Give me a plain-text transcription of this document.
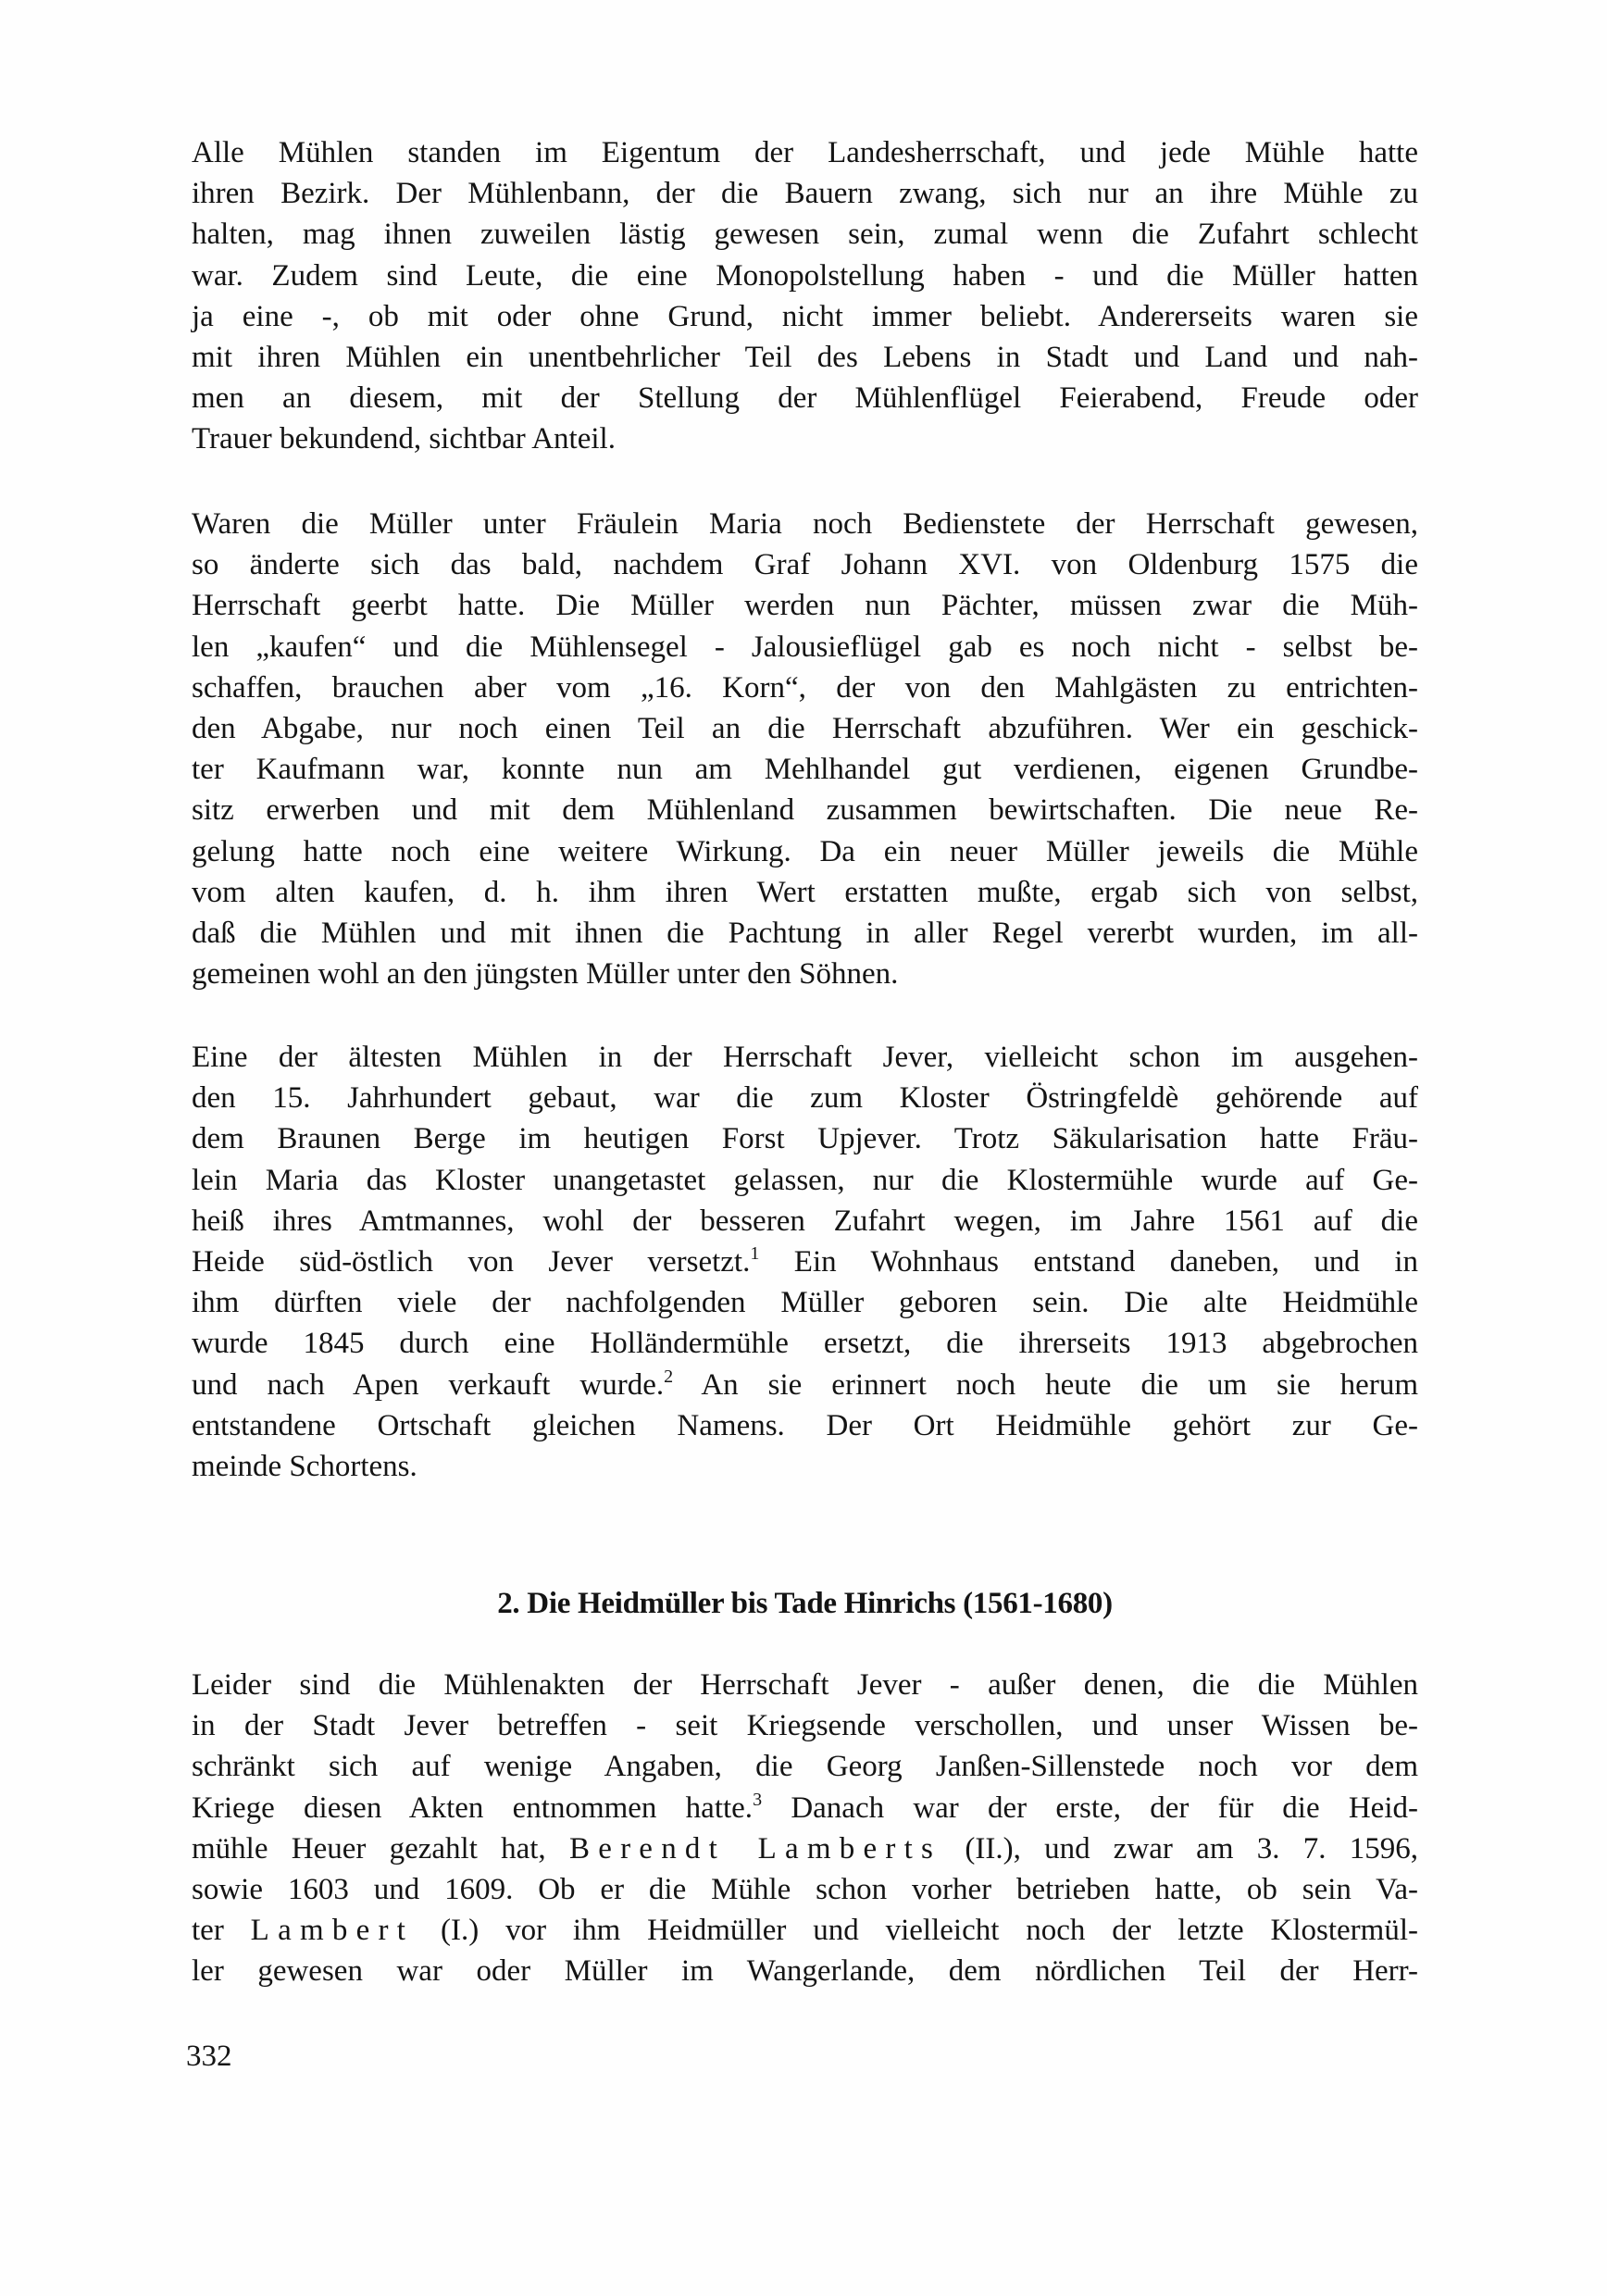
Alle Mühlen standen im Eigentum der Landesherrschaft, und jede Mühle hatte
ihren Bezirk. Der Mühlenbann, der die Bauern zwang, sich nur an ihre Mühle zu
halten, mag ihnen zuweilen lästig gewesen sein, zumal wenn die Zufahrt schlecht
war. Zudem sind Leute, die eine Monopolstellung haben - und die Müller hatten
ja eine -, ob mit oder ohne Grund, nicht immer beliebt. Andererseits waren sie
mit ihren Mühlen ein unentbehrlicher Teil des Lebens in Stadt und Land und nah-
men an diesem, mit der Stellung der Mühlenflügel Feierabend, Freude oder
Trauer bekundend, sichtbar Anteil.
Waren die Müller unter Fräulein Maria noch Bedienstete der Herrschaft gewesen,
so änderte sich das bald, nachdem Graf Johann XVI. von Oldenburg 1575 die
Herrschaft geerbt hatte. Die Müller werden nun Pächter, müssen zwar die Müh-
len „kaufen“ und die Mühlensegel - Jalousieflügel gab es noch nicht - selbst be-
schaffen, brauchen aber vom „16. Korn“, der von den Mahlgästen zu entrichten-
den Abgabe, nur noch einen Teil an die Herrschaft abzuführen. Wer ein geschick-
ter Kaufmann war, konnte nun am Mehlhandel gut verdienen, eigenen Grundbe-
sitz erwerben und mit dem Mühlenland zusammen bewirtschaften. Die neue Re-
gelung hatte noch eine weitere Wirkung. Da ein neuer Müller jeweils die Mühle
vom alten kaufen, d. h. ihm ihren Wert erstatten mußte, ergab sich von selbst,
daß die Mühlen und mit ihnen die Pachtung in aller Regel vererbt wurden, im all-
gemeinen wohl an den jüngsten Müller unter den Söhnen.
Eine der ältesten Mühlen in der Herrschaft Jever, vielleicht schon im ausgehen-
den 15. Jahrhundert gebaut, war die zum Kloster Östringfeldè gehörende auf
dem Braunen Berge im heutigen Forst Upjever. Trotz Säkularisation hatte Fräu-
lein Maria das Kloster unangetastet gelassen, nur die Klostermühle wurde auf Ge-
heiß ihres Amtmannes, wohl der besseren Zufahrt wegen, im Jahre 1561 auf die
Heide süd-östlich von Jever versetzt.$^1$ Ein Wohnhaus entstand daneben, und in
ihm dürften viele der nachfolgenden Müller geboren sein. Die alte Heidmühle
wurde 1845 durch eine Holländermühle ersetzt, die ihrerseits 1913 abgebrochen
und nach Apen verkauft wurde.$^2$ An sie erinnert noch heute die um sie herum
entstandene Ortschaft gleichen Namens. Der Ort Heidmühle gehört zur Ge-
meinde Schortens.
2. Die Heidmüller bis Tade Hinrichs (1561-1680)
Leider sind die Mühlenakten der Herrschaft Jever - außer denen, die die Mühlen
in der Stadt Jever betreffen - seit Kriegsende verschollen, und unser Wissen be-
schränkt sich auf wenige Angaben, die Georg Janßen-Sillenstede noch vor dem
Kriege diesen Akten entnommen hatte.$^3$ Danach war der erste, der für die Heid-
mühle Heuer gezahlt hat, Berendt Lamberts (II.), und zwar am 3. 7. 1596,
sowie 1603 und 1609. Ob er die Mühle schon vorher betrieben hatte, ob sein Va-
ter Lambert (I.) vor ihm Heidmüller und vielleicht noch der letzte Klostermül-
ler gewesen war oder Müller im Wangerlande, dem nördlichen Teil der Herr-
332
